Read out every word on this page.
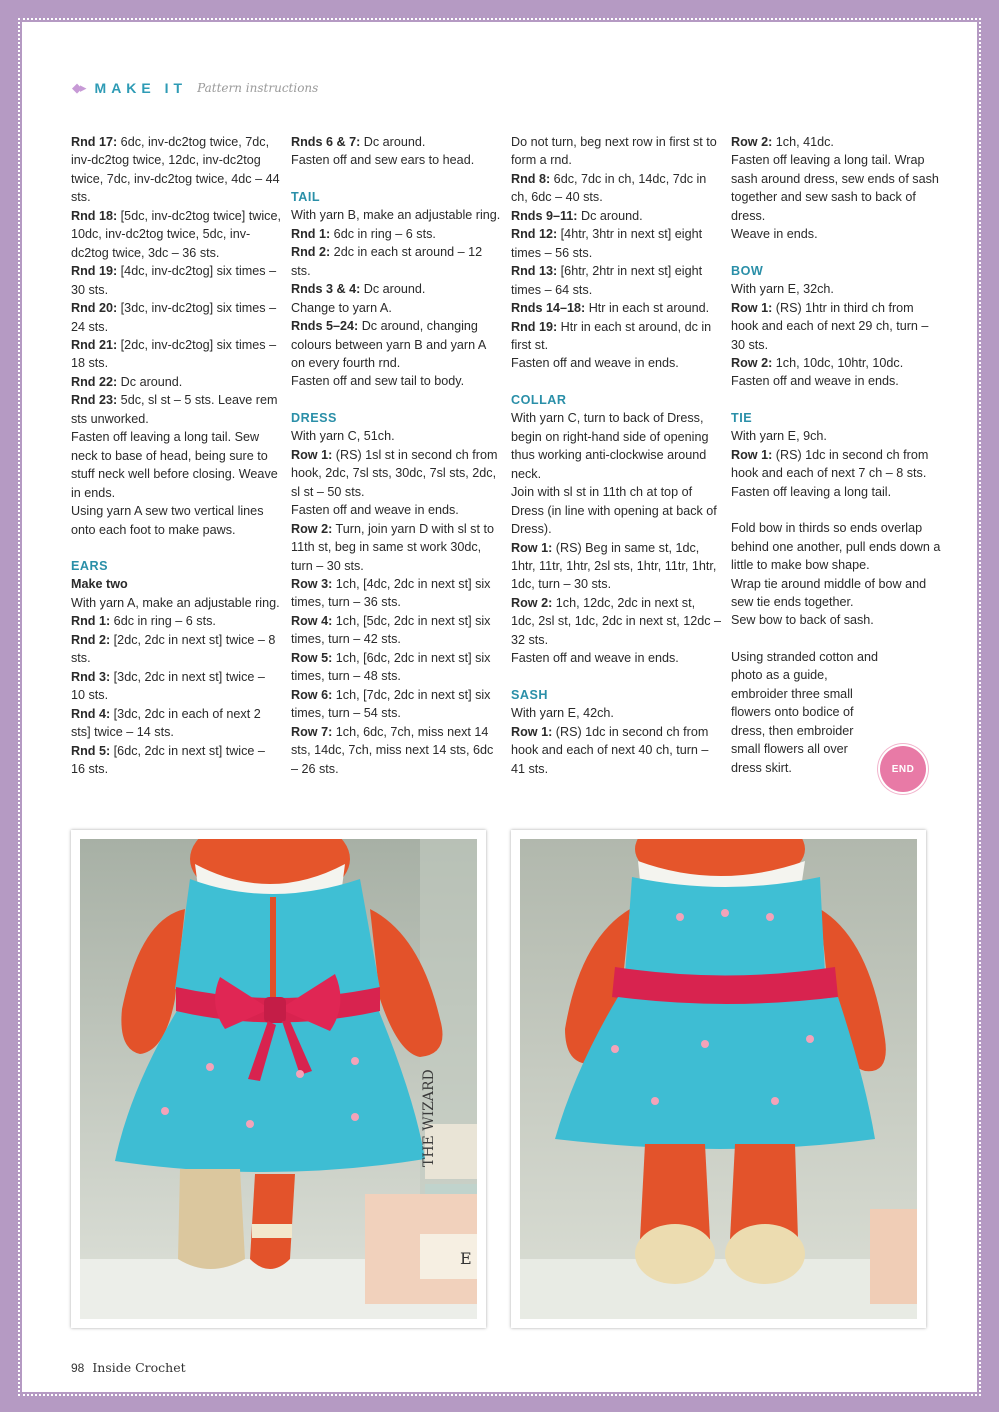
◆▸ MAKE IT Pattern instructions

Rnd 17: 6dc, inv-dc2tog twice, 7dc, inv-dc2tog twice, 12dc, inv-dc2tog twice, 7dc, inv-dc2tog twice, 4dc – 44 sts.

Rnd 18: [5dc, inv-dc2tog twice] twice, 10dc, inv-dc2tog twice, 5dc, inv-dc2tog twice, 3dc – 36 sts.

Rnd 19: [4dc, inv-dc2tog] six times – 30 sts.

Rnd 20: [3dc, inv-dc2tog] six times – 24 sts.

Rnd 21: [2dc, inv-dc2tog] six times – 18 sts.

Rnd 22: Dc around.

Rnd 23: 5dc, sl st – 5 sts. Leave rem sts unworked.

Fasten off leaving a long tail. Sew neck to base of head, being sure to stuff neck well before closing. Weave in ends.

Using yarn A sew two vertical lines onto each foot to make paws.

EARS

Make two

With yarn A, make an adjustable ring.

Rnd 1: 6dc in ring – 6 sts.

Rnd 2: [2dc, 2dc in next st] twice – 8 sts.

Rnd 3: [3dc, 2dc in next st] twice – 10 sts.

Rnd 4: [3dc, 2dc in each of next 2 sts] twice – 14 sts.

Rnd 5: [6dc, 2dc in next st] twice – 16 sts.

Rnds 6 & 7: Dc around.

Fasten off and sew ears to head.

TAIL

With yarn B, make an adjustable ring.

Rnd 1: 6dc in ring – 6 sts.

Rnd 2: 2dc in each st around – 12 sts.

Rnds 3 & 4: Dc around.

Change to yarn A.

Rnds 5–24: Dc around, changing colours between yarn B and yarn A on every fourth rnd.

Fasten off and sew tail to body.

DRESS

With yarn C, 51ch.

Row 1: (RS) 1sl st in second ch from hook, 2dc, 7sl sts, 30dc, 7sl sts, 2dc, sl st – 50 sts.

Fasten off and weave in ends.

Row 2: Turn, join yarn D with sl st to 11th st, beg in same st work 30dc, turn – 30 sts.

Row 3: 1ch, [4dc, 2dc in next st] six times, turn – 36 sts.

Row 4: 1ch, [5dc, 2dc in next st] six times, turn – 42 sts.

Row 5: 1ch, [6dc, 2dc in next st] six times, turn – 48 sts.

Row 6: 1ch, [7dc, 2dc in next st] six times, turn – 54 sts.

Row 7: 1ch, 6dc, 7ch, miss next 14 sts, 14dc, 7ch, miss next 14 sts, 6dc – 26 sts.

Do not turn, beg next row in first st to form a rnd.

Rnd 8: 6dc, 7dc in ch, 14dc, 7dc in ch, 6dc – 40 sts.

Rnds 9–11: Dc around.

Rnd 12: [4htr, 3htr in next st] eight times – 56 sts.

Rnd 13: [6htr, 2htr in next st] eight times – 64 sts.

Rnds 14–18: Htr in each st around.

Rnd 19: Htr in each st around, dc in first st.

Fasten off and weave in ends.

COLLAR

With yarn C, turn to back of Dress, begin on right-hand side of opening thus working anti-clockwise around neck.

Join with sl st in 11th ch at top of Dress (in line with opening at back of Dress).

Row 1: (RS) Beg in same st, 1dc, 1htr, 11tr, 1htr, 2sl sts, 1htr, 11tr, 1htr, 1dc, turn – 30 sts.

Row 2: 1ch, 12dc, 2dc in next st, 1dc, 2sl st, 1dc, 2dc in next st, 12dc – 32 sts.

Fasten off and weave in ends.

SASH

With yarn E, 42ch.

Row 1: (RS) 1dc in second ch from hook and each of next 40 ch, turn – 41 sts.

Row 2: 1ch, 41dc.

Fasten off leaving a long tail. Wrap sash around dress, sew ends of sash together and sew sash to back of dress.

Weave in ends.

BOW

With yarn E, 32ch.

Row 1: (RS) 1htr in third ch from hook and each of next 29 ch, turn – 30 sts.

Row 2: 1ch, 10dc, 10htr, 10dc.

Fasten off and weave in ends.

TIE

With yarn E, 9ch.

Row 1: (RS) 1dc in second ch from hook and each of next 7 ch – 8 sts.

Fasten off leaving a long tail.

Fold bow in thirds so ends overlap behind one another, pull ends down a little to make bow shape.

Wrap tie around middle of bow and sew tie ends together.

Sew bow to back of sash.

Using stranded cotton and photo as a guide, embroider three small flowers onto bodice of dress, then embroider small flowers all over dress skirt.	END
E
THE WIZARD
98 Inside Crochet
